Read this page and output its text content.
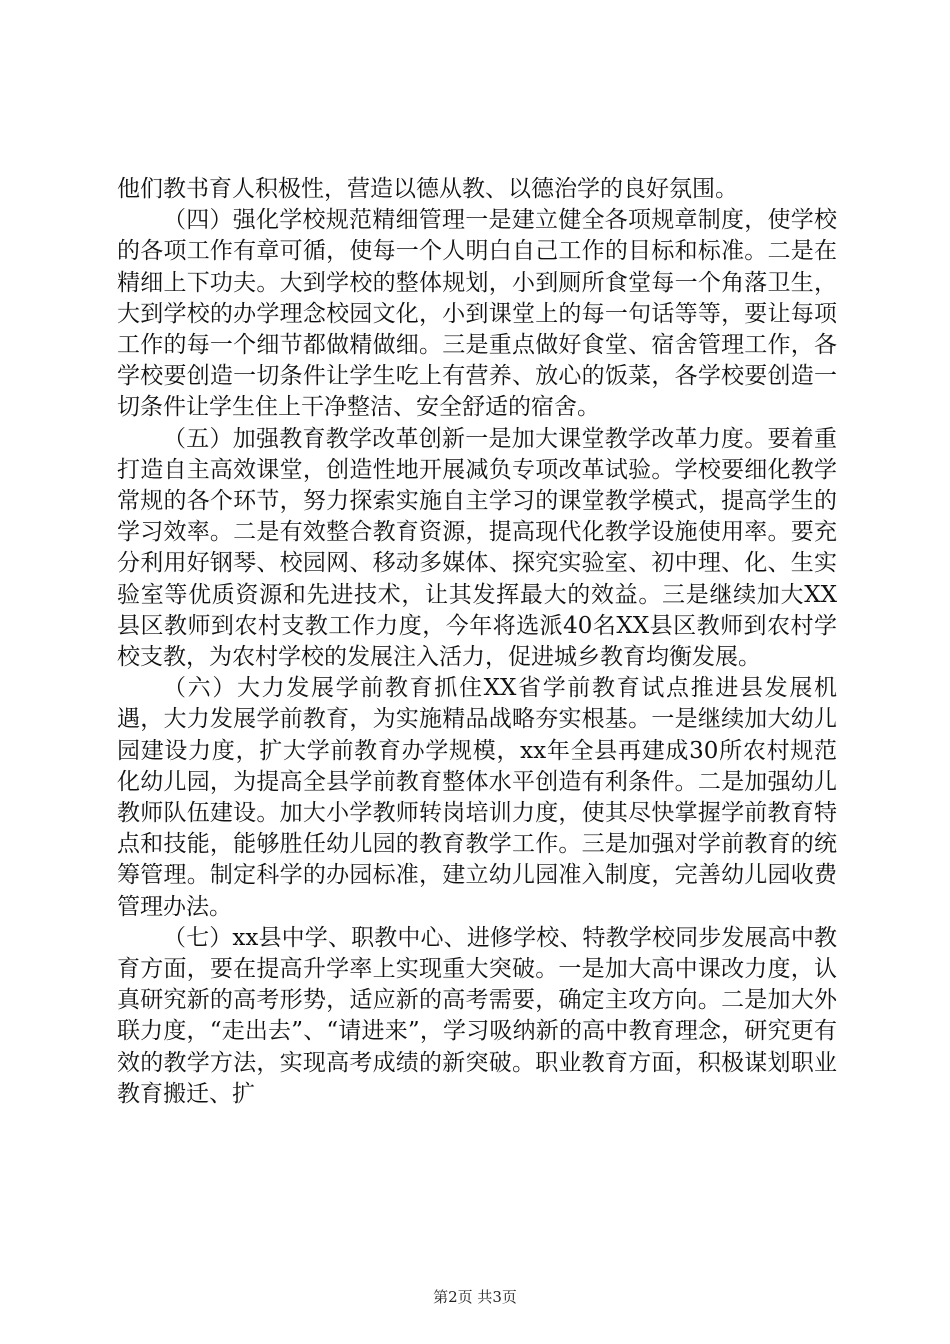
他们教书育人积极性，营造以德从教、以德治学的良好氛围。

（四）强化学校规范精细管理一是建立健全各项规章制度，使学校的各项工作有章可循，使每一个人明白自己工作的目标和标准。二是在精细上下功夫。大到学校的整体规划，小到厕所食堂每一个角落卫生，大到学校的办学理念校园文化，小到课堂上的每一句话等等，要让每项工作的每一个细节都做精做细。三是重点做好食堂、宿舍管理工作，各学校要创造一切条件让学生吃上有营养、放心的饭菜，各学校要创造一切条件让学生住上干净整洁、安全舒适的宿舍。

（五）加强教育教学改革创新一是加大课堂教学改革力度。要着重打造自主高效课堂，创造性地开展减负专项改革试验。学校要细化教学常规的各个环节，努力探索实施自主学习的课堂教学模式，提高学生的学习效率。二是有效整合教育资源，提高现代化教学设施使用率。要充分利用好钢琴、校园网、移动多媒体、探究实验室、初中理、化、生实验室等优质资源和先进技术，让其发挥最大的效益。三是继续加大XX县区教师到农村支教工作力度，今年将选派40名XX县区教师到农村学校支教，为农村学校的发展注入活力，促进城乡教育均衡发展。

（六）大力发展学前教育抓住XX省学前教育试点推进县发展机遇，大力发展学前教育，为实施精品战略夯实根基。一是继续加大幼儿园建设力度，扩大学前教育办学规模，xx年全县再建成30所农村规范化幼儿园，为提高全县学前教育整体水平创造有利条件。二是加强幼儿教师队伍建设。加大小学教师转岗培训力度，使其尽快掌握学前教育特点和技能，能够胜任幼儿园的教育教学工作。三是加强对学前教育的统筹管理。制定科学的办园标准，建立幼儿园准入制度，完善幼儿园收费管理办法。

（七）xx县中学、职教中心、进修学校、特教学校同步发展高中教育方面，要在提高升学率上实现重大突破。一是加大高中课改力度，认真研究新的高考形势，适应新的高考需要，确定主攻方向。二是加大外联力度，“走出去”、“请进来”，学习吸纳新的高中教育理念，研究更有效的教学方法，实现高考成绩的新突破。职业教育方面，积极谋划职业教育搬迁、扩

第2页 共3页
